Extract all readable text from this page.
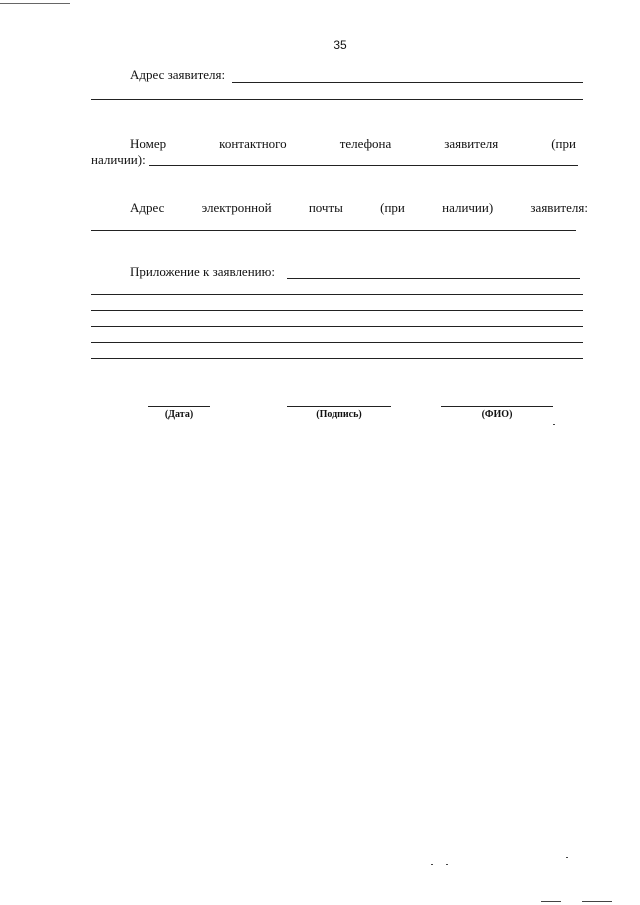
35
Адрес заявителя:
Номер	контактного	телефона	заявителя	(при
наличии):
Адрес	электронной	почты	(при	наличии)	заявителя:
Приложение к заявлению:
(Дата)	(Подпись)	(ФИО)
